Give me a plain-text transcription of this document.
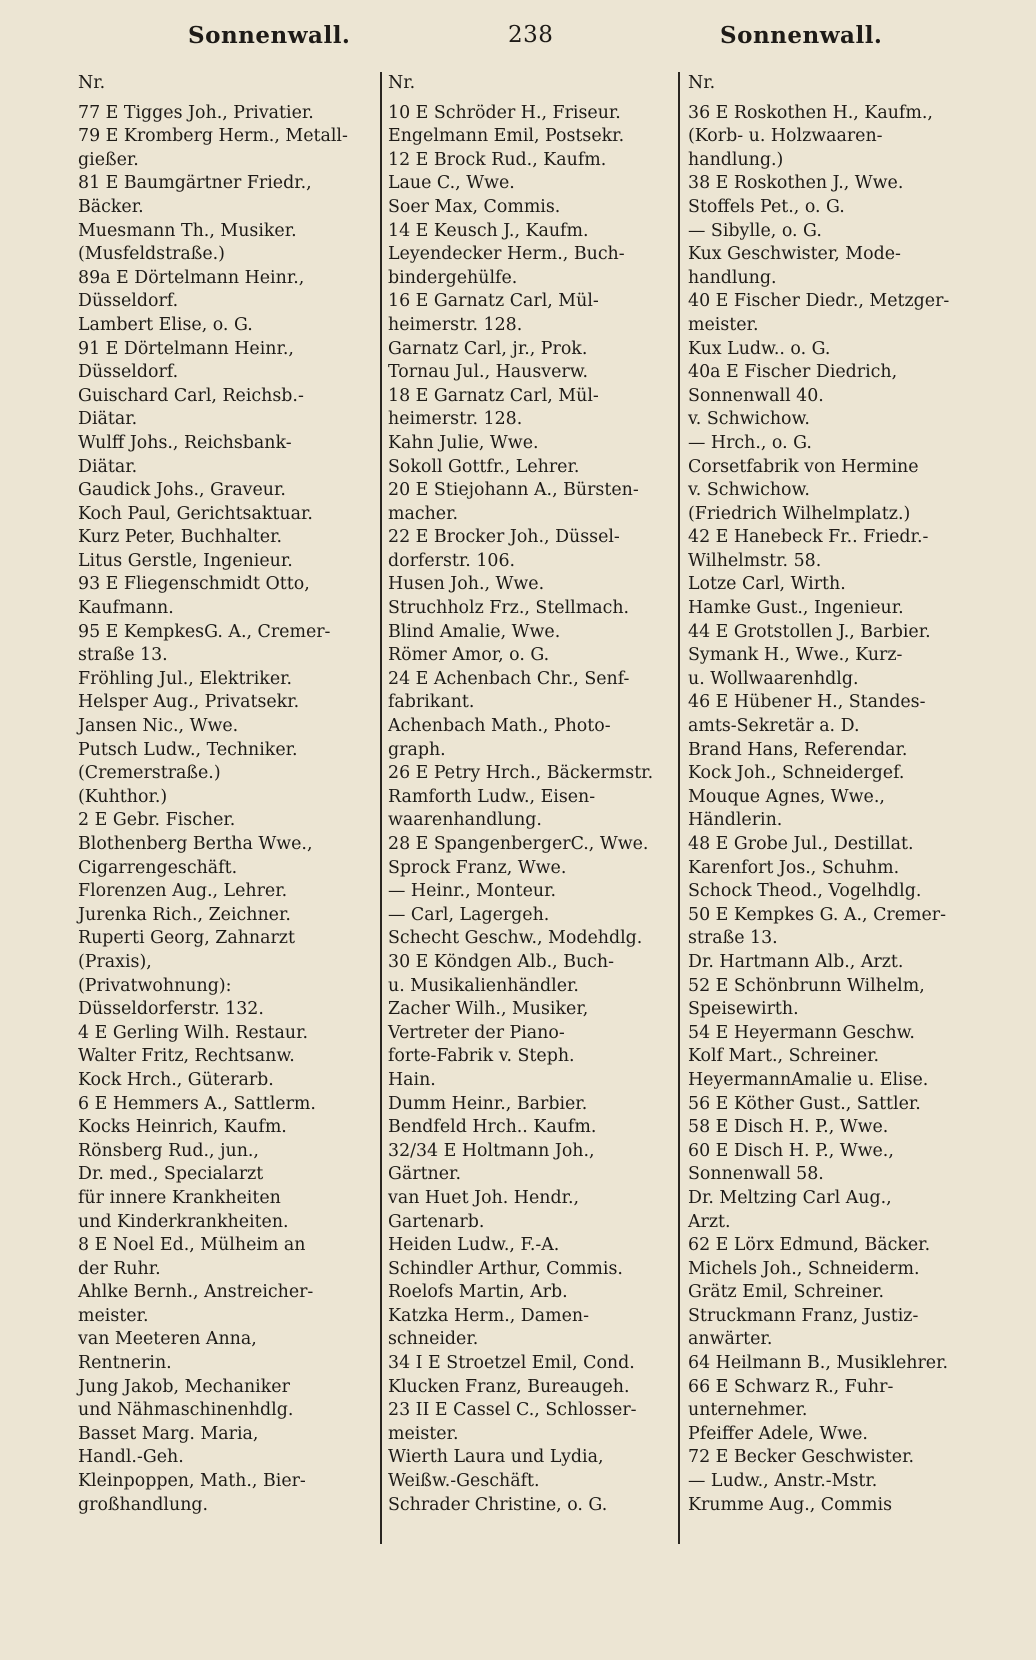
Sonnenwall.	238	Sonnenwall.
Nr.
77 E Tigges Joh., Privatier.
79 E Kromberg Herm., Metall-
gießer.
81 E Baumgärtner Friedr.,
Bäcker.
Muesmann Th., Musiker.
(Musfeldstraße.)
89a E Dörtelmann Heinr.,
Düsseldorf.
Lambert Elise, o. G.
91 E Dörtelmann Heinr.,
Düsseldorf.
Guischard Carl, Reichsb.-
Diätar.
Wulff Johs., Reichsbank-
Diätar.
Gaudick Johs., Graveur.
Koch Paul, Gerichtsaktuar.
Kurz Peter, Buchhalter.
Litus Gerstle, Ingenieur.
93 E Fliegenschmidt Otto,
Kaufmann.
95 E KempkesG. A., Cremer-
straße 13.
Fröhling Jul., Elektriker.
Helsper Aug., Privatsekr.
Jansen Nic., Wwe.
Putsch Ludw., Techniker.
(Cremerstraße.)
(Kuhthor.)
2 E Gebr. Fischer.
Blothenberg Bertha Wwe.,
Cigarrengeschäft.
Florenzen Aug., Lehrer.
Jurenka Rich., Zeichner.
Ruperti Georg, Zahnarzt
(Praxis),
(Privatwohnung):
Düsseldorferstr. 132.
4 E Gerling Wilh. Restaur.
Walter Fritz, Rechtsanw.
Kock Hrch., Güterarb.
6 E Hemmers A., Sattlerm.
Kocks Heinrich, Kaufm.
Rönsberg Rud., jun.,
Dr. med., Specialarzt
für innere Krankheiten
und Kinderkrankheiten.
8 E Noel Ed., Mülheim an
der Ruhr.
Ahlke Bernh., Anstreicher-
meister.
van Meeteren Anna,
Rentnerin.
Jung Jakob, Mechaniker
und Nähmaschinenhdlg.
Basset Marg. Maria,
Handl.-Geh.
Kleinpoppen, Math., Bier-
großhandlung.
Nr.
10 E Schröder H., Friseur.
Engelmann Emil, Postsekr.
12 E Brock Rud., Kaufm.
Laue C., Wwe.
Soer Max, Commis.
14 E Keusch J., Kaufm.
Leyendecker Herm., Buch-
bindergehülfe.
16 E Garnatz Carl, Mül-
heimerstr. 128.
Garnatz Carl, jr., Prok.
Tornau Jul., Hausverw.
18 E Garnatz Carl, Mül-
heimerstr. 128.
Kahn Julie, Wwe.
Sokoll Gottfr., Lehrer.
20 E Stiejohann A., Bürsten-
macher.
22 E Brocker Joh., Düssel-
dorferstr. 106.
Husen Joh., Wwe.
Struchholz Frz., Stellmach.
Blind Amalie, Wwe.
Römer Amor, o. G.
24 E Achenbach Chr., Senf-
fabrikant.
Achenbach Math., Photo-
graph.
26 E Petry Hrch., Bäckermstr.
Ramforth Ludw., Eisen-
waarenhandlung.
28 E SpangenbergerC., Wwe.
Sprock Franz, Wwe.
— Heinr., Monteur.
— Carl, Lagergeh.
Schecht Geschw., Modehdlg.
30 E Köndgen Alb., Buch-
u. Musikalienhändler.
Zacher Wilh., Musiker,
Vertreter der Piano-
forte-Fabrik v. Steph.
Hain.
Dumm Heinr., Barbier.
Bendfeld Hrch.. Kaufm.
32/34 E Holtmann Joh.,
Gärtner.
van Huet Joh. Hendr.,
Gartenarb.
Heiden Ludw., F.-A.
Schindler Arthur, Commis.
Roelofs Martin, Arb.
Katzka Herm., Damen-
schneider.
34 I E Stroetzel Emil, Cond.
Klucken Franz, Bureaugeh.
23 II E Cassel C., Schlosser-
meister.
Wierth Laura und Lydia,
Weißw.-Geschäft.
Schrader Christine, o. G.
Nr.
36 E Roskothen H., Kaufm.,
(Korb- u. Holzwaaren-
handlung.)
38 E Roskothen J., Wwe.
Stoffels Pet., o. G.
— Sibylle, o. G.
Kux Geschwister, Mode-
handlung.
40 E Fischer Diedr., Metzger-
meister.
Kux Ludw.. o. G.
40a E Fischer Diedrich,
Sonnenwall 40.
v. Schwichow.
— Hrch., o. G.
Corsetfabrik von Hermine
v. Schwichow.
(Friedrich Wilhelmplatz.)
42 E Hanebeck Fr.. Friedr.-
Wilhelmstr. 58.
Lotze Carl, Wirth.
Hamke Gust., Ingenieur.
44 E Grotstollen J., Barbier.
Symank H., Wwe., Kurz-
u. Wollwaarenhdlg.
46 E Hübener H., Standes-
amts-Sekretär a. D.
Brand Hans, Referendar.
Kock Joh., Schneidergef.
Mouque Agnes, Wwe.,
Händlerin.
48 E Grobe Jul., Destillat.
Karenfort Jos., Schuhm.
Schock Theod., Vogelhdlg.
50 E Kempkes G. A., Cremer-
straße 13.
Dr. Hartmann Alb., Arzt.
52 E Schönbrunn Wilhelm,
Speisewirth.
54 E Heyermann Geschw.
Kolf Mart., Schreiner.
HeyermannAmalie u. Elise.
56 E Köther Gust., Sattler.
58 E Disch H. P., Wwe.
60 E Disch H. P., Wwe.,
Sonnenwall 58.
Dr. Meltzing Carl Aug.,
Arzt.
62 E Lörx Edmund, Bäcker.
Michels Joh., Schneiderm.
Grätz Emil, Schreiner.
Struckmann Franz, Justiz-
anwärter.
64 Heilmann B., Musiklehrer.
66 E Schwarz R., Fuhr-
unternehmer.
Pfeiffer Adele, Wwe.
72 E Becker Geschwister.
— Ludw., Anstr.-Mstr.
Krumme Aug., Commis
